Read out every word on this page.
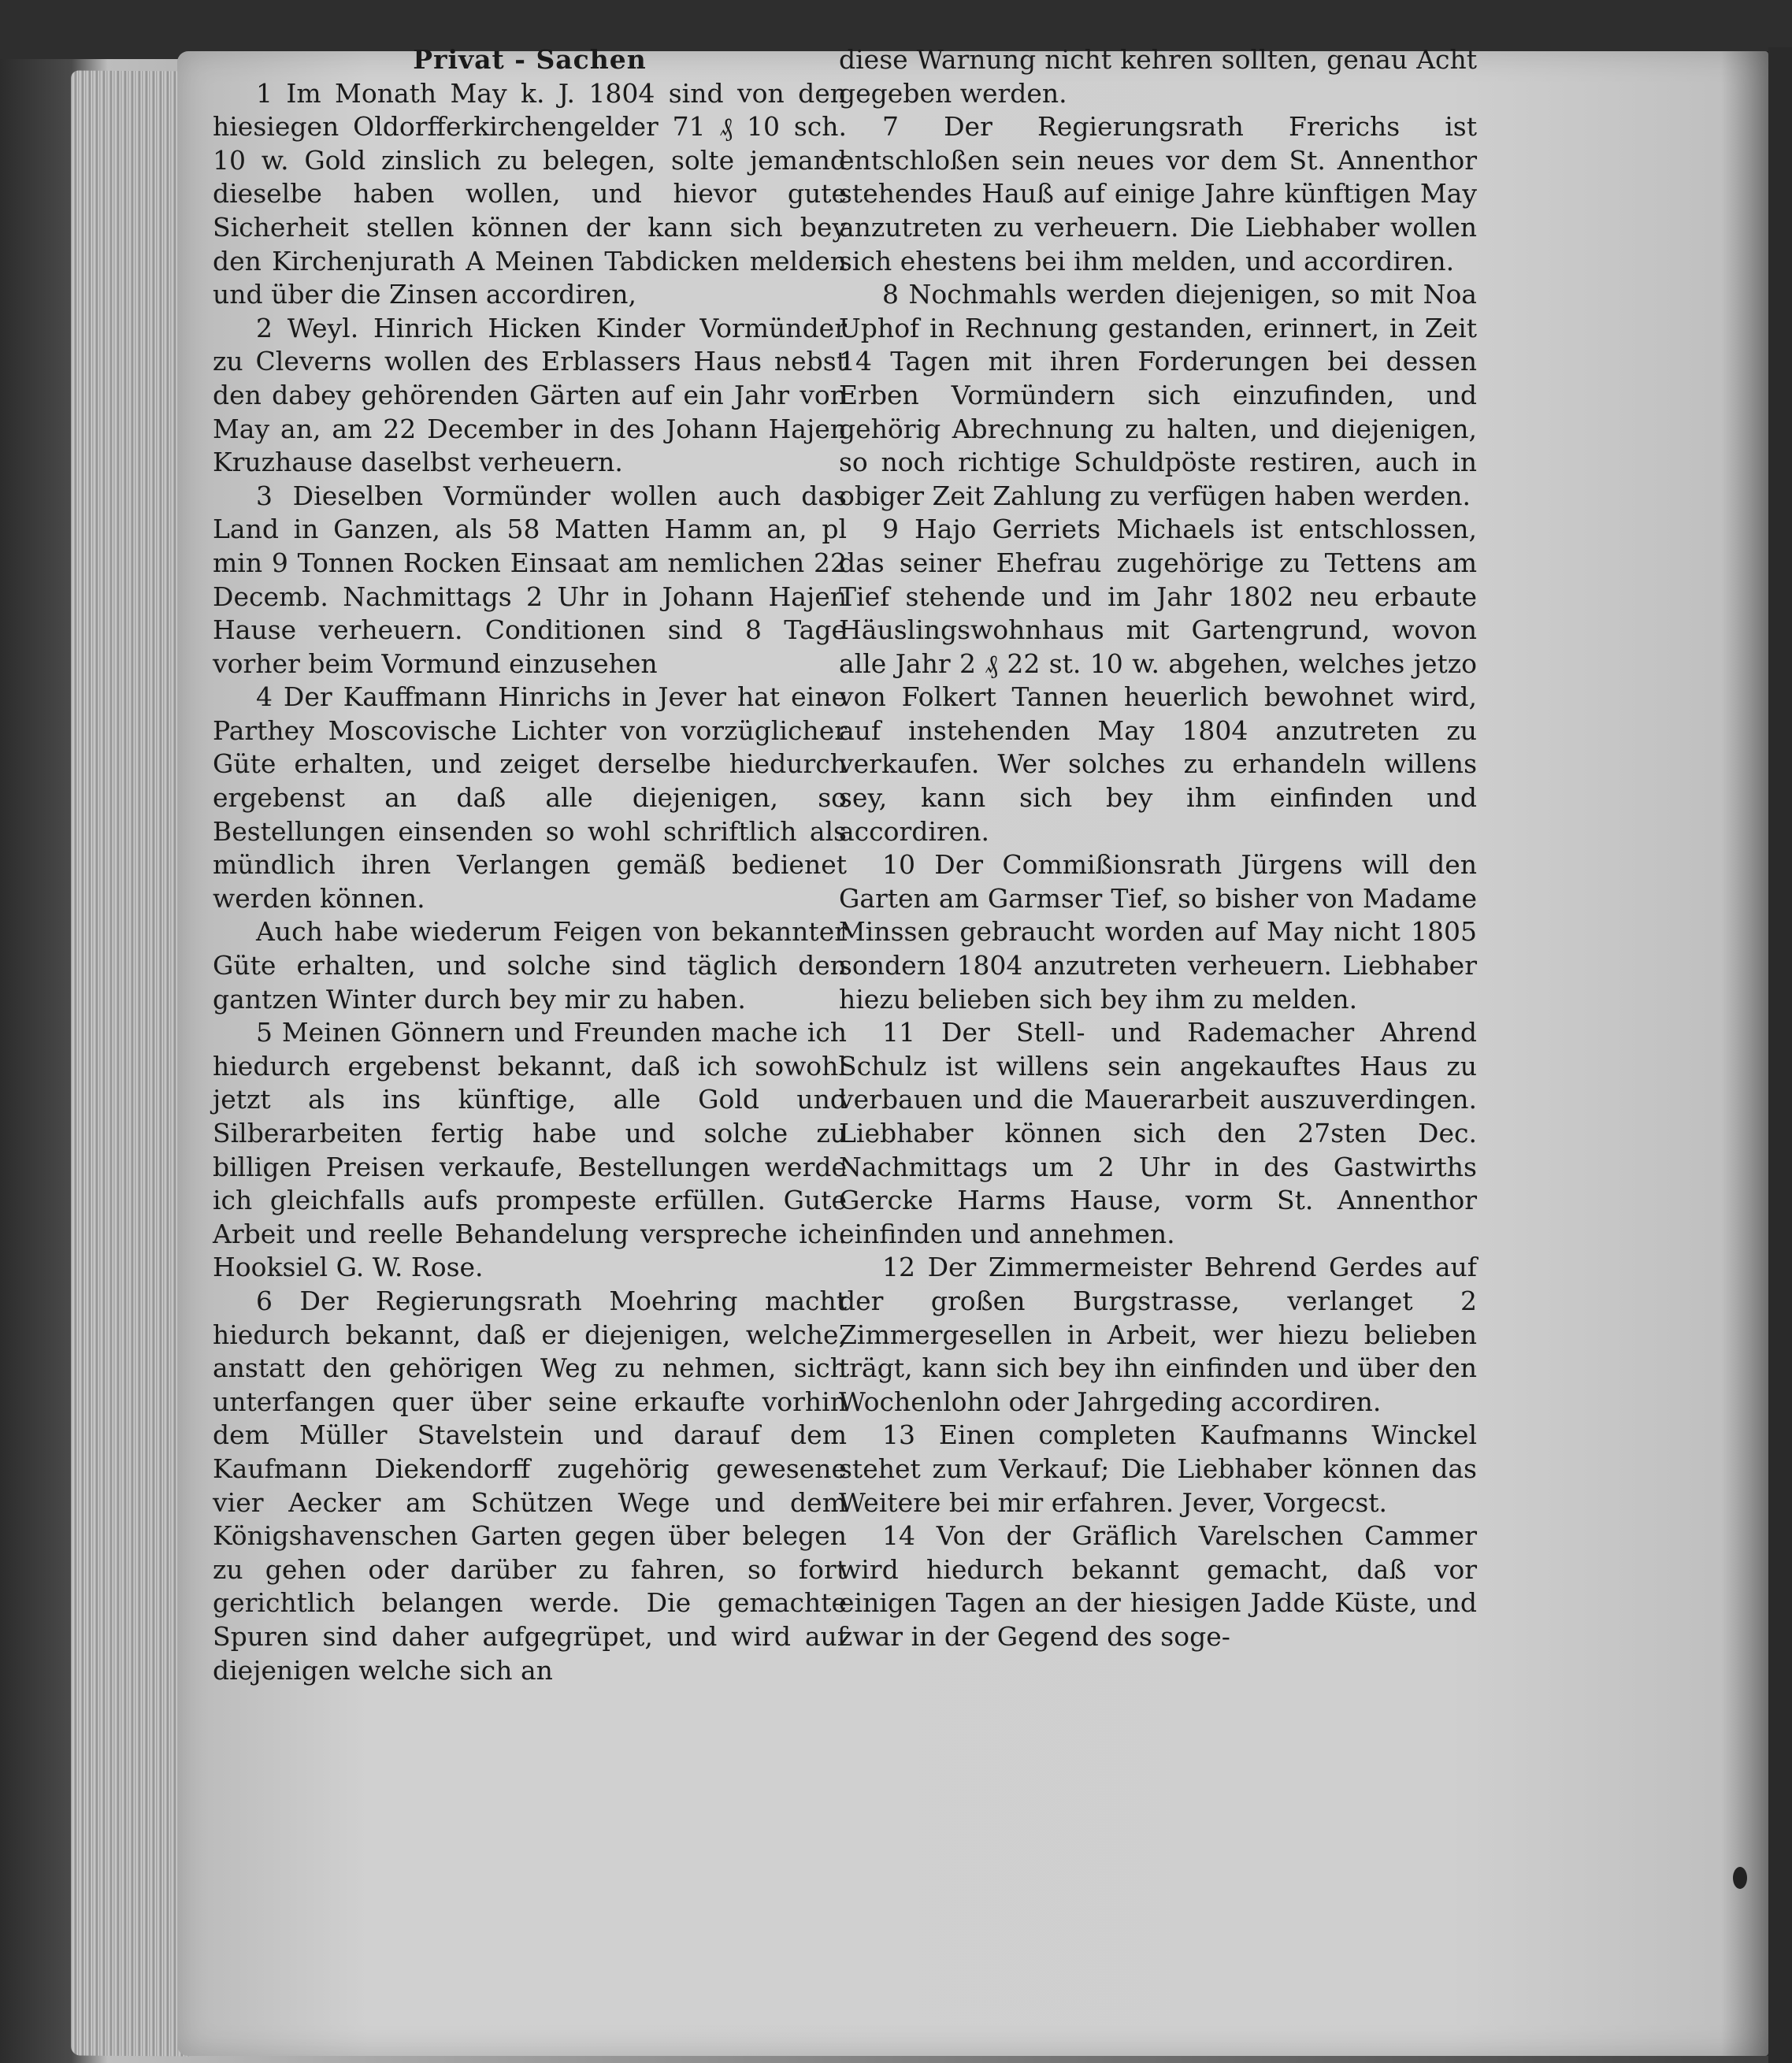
Privat - Sachen

1 Im Monath May k. J. 1804 sind von den hiesiegen Oldorfferkirchengelder 71 ₰ 10 sch. 10 w. Gold zinslich zu belegen, solte jemand dieselbe haben wollen, und hievor gute Sicherheit stellen können der kann sich bey den Kirchenjurath A Meinen Tabdicken melden und über die Zinsen accordiren,

2 Weyl. Hinrich Hicken Kinder Vormünder zu Cleverns wollen des Erblassers Haus nebst den dabey gehörenden Gärten auf ein Jahr von May an, am 22 December in des Johann Hajen Kruzhause daselbst verheuern.

3 Dieselben Vormünder wollen auch das Land in Ganzen, als 58 Matten Hamm an, pl min 9 Tonnen Rocken Einsaat am nemlichen 22 Decemb. Nachmittags 2 Uhr in Johann Hajen Hause verheuern. Conditionen sind 8 Tage vorher beim Vormund einzusehen

4 Der Kauffmann Hinrichs in Jever hat eine Parthey Moscovische Lichter von vorzüglicher Güte erhalten, und zeiget derselbe hiedurch ergebenst an daß alle diejenigen, so Bestellungen einsenden so wohl schriftlich als mündlich ihren Verlangen gemäß bedienet werden können.

Auch habe wiederum Feigen von bekannter Güte erhalten, und solche sind täglich den gantzen Winter durch bey mir zu haben.

5 Meinen Gönnern und Freunden mache ich hiedurch ergebenst bekannt, daß ich sowohl jetzt als ins künftige, alle Gold und Silberarbeiten fertig habe und solche zu billigen Preisen verkaufe, Bestellungen werde ich gleichfalls aufs prompeste erfüllen. Gute Arbeit und reelle Behandelung verspreche ich. Hooksiel G. W. Rose.

6 Der Regierungsrath Moehring macht hiedurch bekannt, daß er diejenigen, welche, anstatt den gehörigen Weg zu nehmen, sich unterfangen quer über seine erkaufte vorhin dem Müller Stavelstein und darauf dem Kaufmann Diekendorff zugehörig gewesene vier Aecker am Schützen Wege und dem Königshavenschen Garten gegen über belegen zu gehen oder darüber zu fahren, so fort gerichtlich belangen werde. Die gemachte Spuren sind daher aufgegrüpet, und wird auf diejenigen welche sich an

diese Warnung nicht kehren sollten, genau Acht gegeben werden.

7 Der Regierungsrath Frerichs ist entschloßen sein neues vor dem St. Annenthor stehendes Hauß auf einige Jahre künftigen May anzutreten zu verheuern. Die Liebhaber wollen sich ehestens bei ihm melden, und accordiren.

8 Nochmahls werden diejenigen, so mit Noa Uphof in Rechnung gestanden, erinnert, in Zeit 14 Tagen mit ihren Forderungen bei dessen Erben Vormündern sich einzufinden, und gehörig Abrechnung zu halten, und diejenigen, so noch richtige Schuldpöste restiren, auch in obiger Zeit Zahlung zu verfügen haben werden.

9 Hajo Gerriets Michaels ist entschlossen, das seiner Ehefrau zugehörige zu Tettens am Tief stehende und im Jahr 1802 neu erbaute Häuslingswohnhaus mit Gartengrund, wovon alle Jahr 2 ₰ 22 st. 10 w. abgehen, welches jetzo von Folkert Tannen heuerlich bewohnet wird, auf instehenden May 1804 anzutreten zu verkaufen. Wer solches zu erhandeln willens sey, kann sich bey ihm einfinden und accordiren.

10 Der Commißionsrath Jürgens will den Garten am Garmser Tief, so bisher von Madame Minssen gebraucht worden auf May nicht 1805 sondern 1804 anzutreten verheuern. Liebhaber hiezu belieben sich bey ihm zu melden.

11 Der Stell- und Rademacher Ahrend Schulz ist willens sein angekauftes Haus zu verbauen und die Mauerarbeit auszuverdingen. Liebhaber können sich den 27sten Dec. Nachmittags um 2 Uhr in des Gastwirths Gercke Harms Hause, vorm St. Annenthor einfinden und annehmen.

12 Der Zimmermeister Behrend Gerdes auf der großen Burgstrasse, verlanget 2 Zimmergesellen in Arbeit, wer hiezu belieben trägt, kann sich bey ihn einfinden und über den Wochenlohn oder Jahrgeding accordiren.

13 Einen completen Kaufmanns Winckel stehet zum Verkauf; Die Liebhaber können das Weitere bei mir erfahren. Jever, Vorgecst.

14 Von der Gräflich Varelschen Cammer wird hiedurch bekannt gemacht, daß vor einigen Tagen an der hiesigen Jadde Küste, und zwar in der Gegend des soge-
